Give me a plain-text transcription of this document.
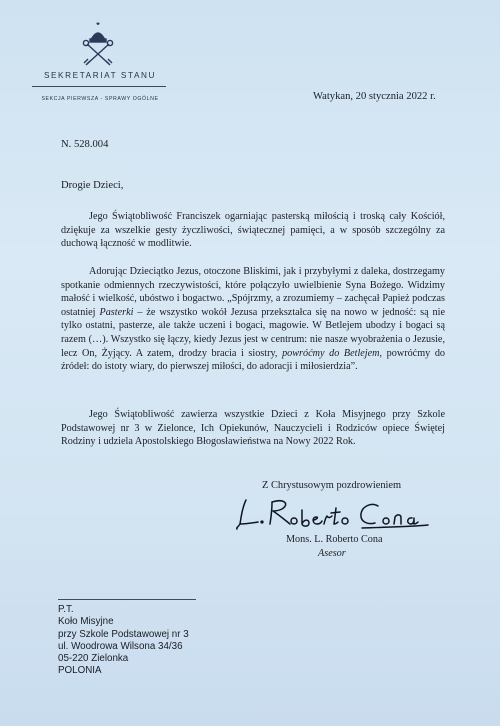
SEKRETARIAT STANU
SEKCJA PIERWSZA - SPRAWY OGÓLNE	Watykan, 20 stycznia 2022 r.
N. 528.004
Drogie Dzieci,

Jego Świątobliwość Franciszek ogarniając pasterską miłością i troską cały Kościół, dziękuje za wszelkie gesty życzliwości, świątecznej pamięci, a w sposób szczególny za duchową łączność w modlitwie.

Adorując Dzieciątko Jezus, otoczone Bliskimi, jak i przybyłymi z daleka, dostrzegamy spotkanie odmiennych rzeczywistości, które połączyło uwielbienie Syna Bożego. Widzimy małość i wielkość, ubóstwo i bogactwo. „Spójrzmy, a zrozumiemy – zachęcał Papież podczas ostatniej Pasterki – że wszystko wokół Jezusa przekształca się na nowo w jedność: są nie tylko ostatni, pasterze, ale także uczeni i bogaci, magowie. W Betlejem ubodzy i bogaci są razem (…). Wszystko się łączy, kiedy Jezus jest w centrum: nie nasze wyobrażenia o Jezusie, lecz On, Żyjący. A zatem, drodzy bracia i siostry, powróćmy do Betlejem, powróćmy do źródeł: do istoty wiary, do pierwszej miłości, do adoracji i miłosierdzia”.

Jego Świątobliwość zawierza wszystkie Dzieci z Koła Misyjnego przy Szkole Podstawowej nr 3 w Zielonce, Ich Opiekunów, Nauczycieli i Rodziców opiece Świętej Rodziny i udziela Apostolskiego Błogosławieństwa na Nowy 2022 Rok.

Z Chrystusowym pozdrowieniem
Mons. L. Roberto Cona
Asesor
P.T.
Koło Misyjne
przy Szkole Podstawowej nr 3
ul. Woodrowa Wilsona 34/36
05-220 Zielonka
POLONIA
